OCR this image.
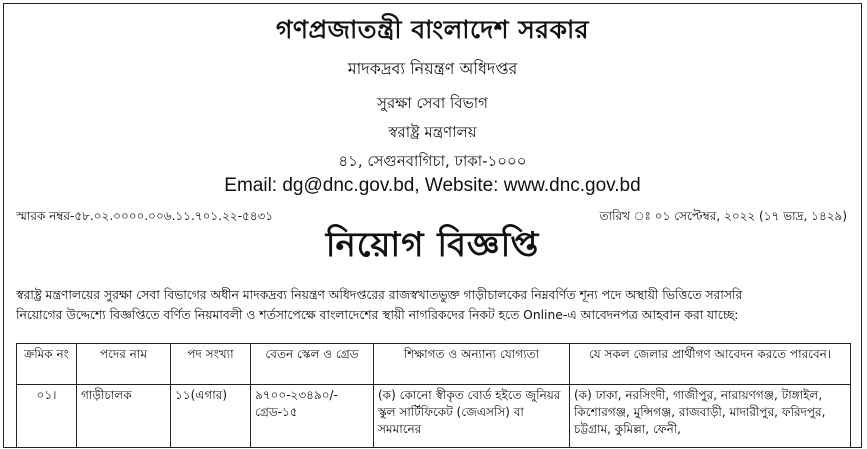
গণপ্রজাতন্ত্রী বাংলাদেশ সরকার
মাদকদ্রব্য নিয়ন্ত্রণ অধিদপ্তর
সুরক্ষা সেবা বিভাগ
স্বরাষ্ট্র মন্ত্রণালয়
৪১, সেগুনবাগিচা, ঢাকা-১০০০
Email: dg@dnc.gov.bd, Website: www.dnc.gov.bd
স্মারক নম্বর-৫৮.০২.০০০০.০০৬.১১.৭০১.২২-৫৪৩১	তারিখ ঃ ০১ সেপ্টেম্বর, ২০২২ (১৭ ভাদ্র, ১৪২৯)
নিয়োগ বিজ্ঞপ্তি
স্বরাষ্ট্র মন্ত্রণালয়ের সুরক্ষা সেবা বিভাগের অধীন মাদকদ্রব্য নিয়ন্ত্রণ অধিদপ্তরের রাজস্বখাতভুক্ত গাড়ীচালকের নিম্নবর্ণিত শূন্য পদে অস্থায়ী ভিত্তিতে সরাসরি
নিয়োগের উদ্দেশ্যে বিজ্ঞপ্তিতে বর্ণিত নিয়মাবলী ও শর্তসাপেক্ষে বাংলাদেশের স্থায়ী নাগরিকদের নিকট হতে Online-এ আবেদনপত্র আহবান করা যাচ্ছে:
ক্রমিক নং	পদের নাম	পদ সংখ্যা	বেতন স্কেল ও গ্রেড	শিক্ষাগত ও অন্যান্য যোগ্যতা	যে সকল জেলার প্রার্থীগণ আবেদন করতে পারবেন।
০১।	গাড়ীচালক	১১(এগার)	৯৭০০-২৩৪৯০/-
গ্রেড-১৫	(ক) কোনো স্বীকৃত বোর্ড হইতে জুনিয়র স্কুল সার্টিফিকেট (জেএসসি) বা সমমানের	(ক) ঢাকা, নরসিংদী, গাজীপুর, নারায়ণগঞ্জ, টাঙ্গাইল, কিশোরগঞ্জ, মুন্সিগঞ্জ, রাজবাড়ী, মাদারীপুর, ফরিদপুর, চট্টগ্রাম, কুমিল্লা, ফেনী,
